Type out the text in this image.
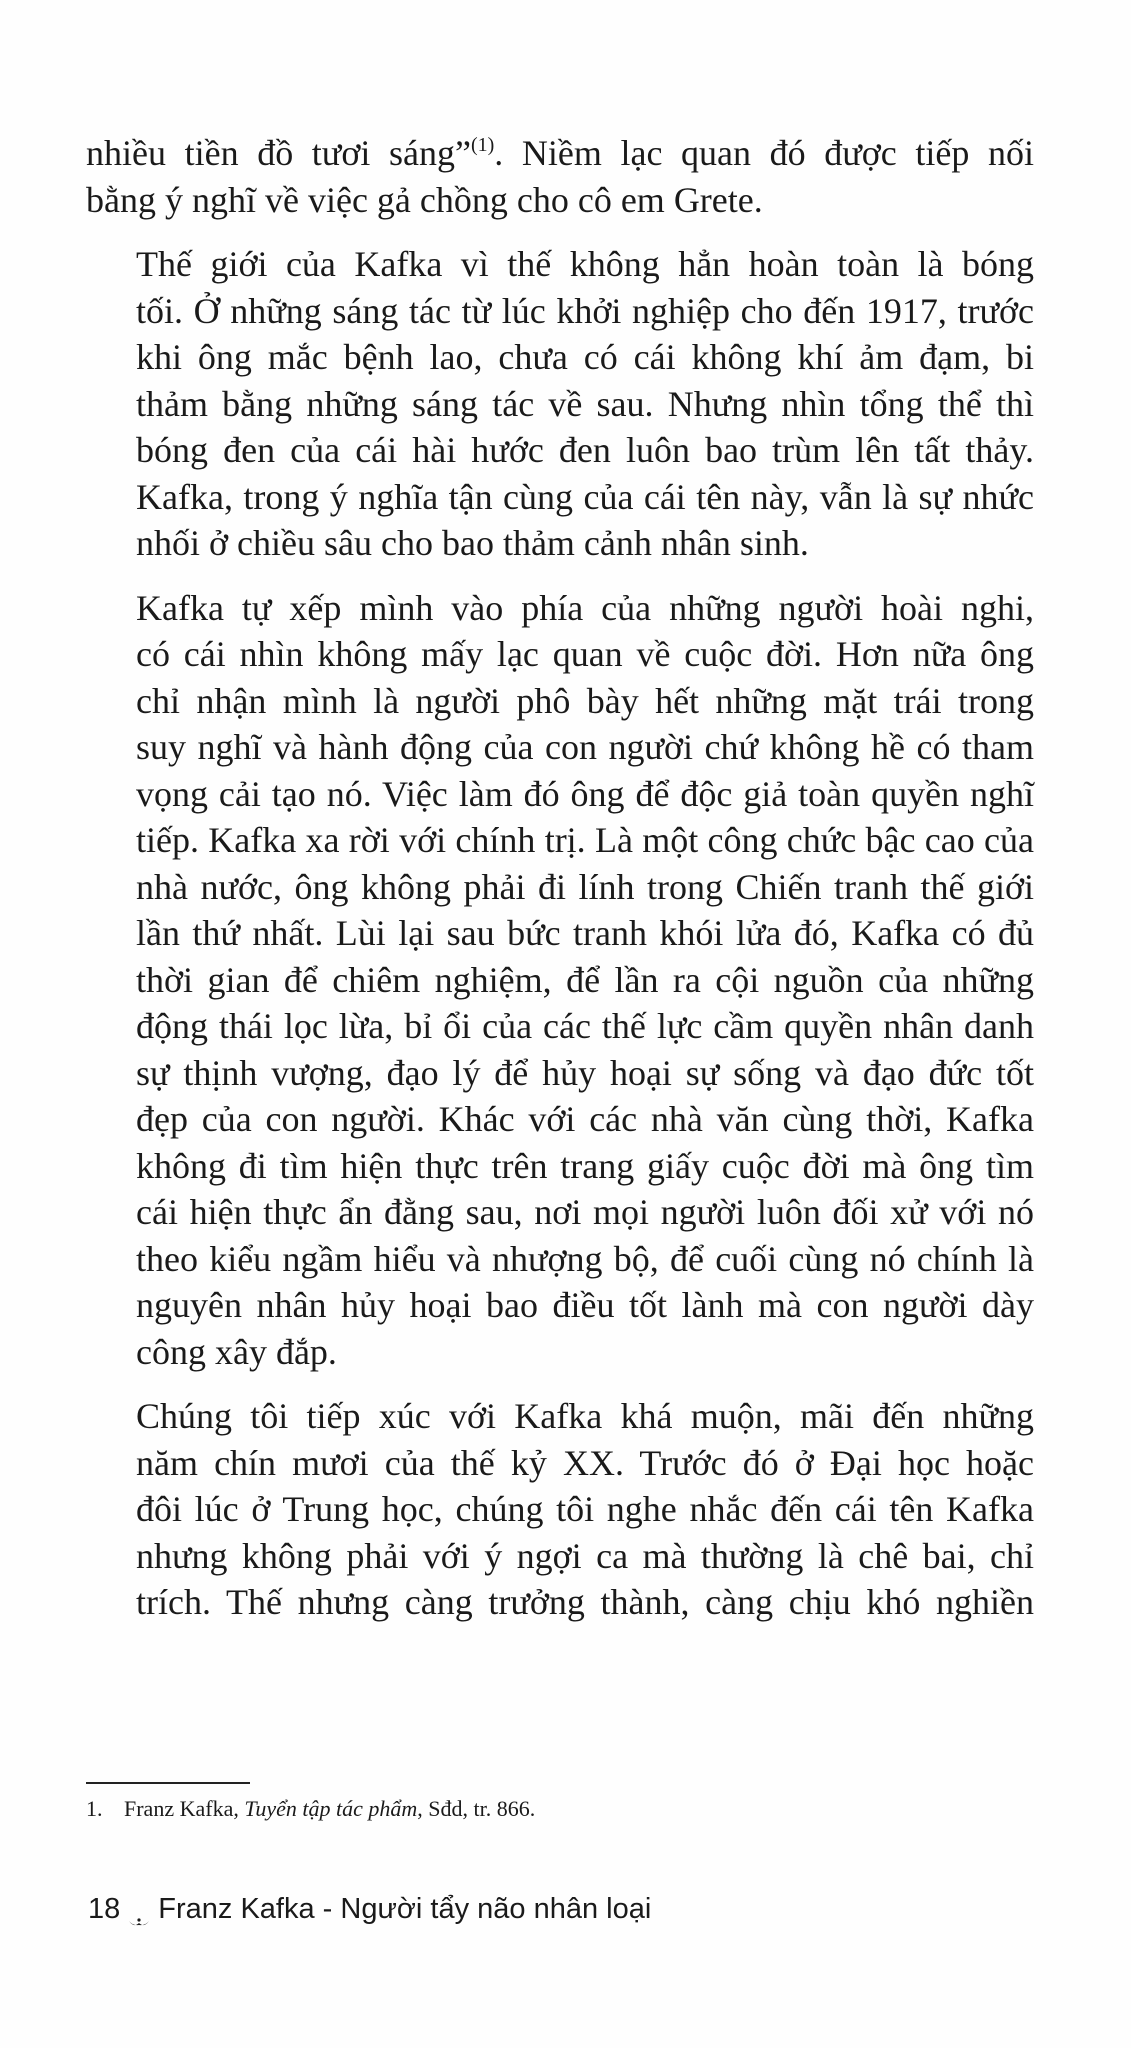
nhiều tiền đồ tươi sáng”$^{(1)}$. Niềm lạc quan đó được tiếp nối
bằng ý nghĩ về việc gả chồng cho cô em Grete.

Thế giới của Kafka vì thế không hẳn hoàn toàn là bóng
tối. Ở những sáng tác từ lúc khởi nghiệp cho đến 1917, trước
khi ông mắc bệnh lao, chưa có cái không khí ảm đạm, bi
thảm bằng những sáng tác về sau. Nhưng nhìn tổng thể thì
bóng đen của cái hài hước đen luôn bao trùm lên tất thảy.
Kafka, trong ý nghĩa tận cùng của cái tên này, vẫn là sự nhức
nhối ở chiều sâu cho bao thảm cảnh nhân sinh.

Kafka tự xếp mình vào phía của những người hoài nghi,
có cái nhìn không mấy lạc quan về cuộc đời. Hơn nữa ông
chỉ nhận mình là người phô bày hết những mặt trái trong
suy nghĩ và hành động của con người chứ không hề có tham
vọng cải tạo nó. Việc làm đó ông để độc giả toàn quyền nghĩ
tiếp. Kafka xa rời với chính trị. Là một công chức bậc cao của
nhà nước, ông không phải đi lính trong Chiến tranh thế giới
lần thứ nhất. Lùi lại sau bức tranh khói lửa đó, Kafka có đủ
thời gian để chiêm nghiệm, để lần ra cội nguồn của những
động thái lọc lừa, bỉ ổi của các thế lực cầm quyền nhân danh
sự thịnh vượng, đạo lý để hủy hoại sự sống và đạo đức tốt
đẹp của con người. Khác với các nhà văn cùng thời, Kafka
không đi tìm hiện thực trên trang giấy cuộc đời mà ông tìm
cái hiện thực ẩn đằng sau, nơi mọi người luôn đối xử với nó
theo kiểu ngầm hiểu và nhượng bộ, để cuối cùng nó chính là
nguyên nhân hủy hoại bao điều tốt lành mà con người dày
công xây đắp.

Chúng tôi tiếp xúc với Kafka khá muộn, mãi đến những
năm chín mươi của thế kỷ XX. Trước đó ở Đại học hoặc
đôi lúc ở Trung học, chúng tôi nghe nhắc đến cái tên Kafka
nhưng không phải với ý ngợi ca mà thường là chê bai, chỉ
trích. Thế nhưng càng trưởng thành, càng chịu khó nghiền

1. Franz Kafka, Tuyển tập tác phẩm, Sđd, tr. 866.
18 Franz Kafka - Người tẩy não nhân loại
